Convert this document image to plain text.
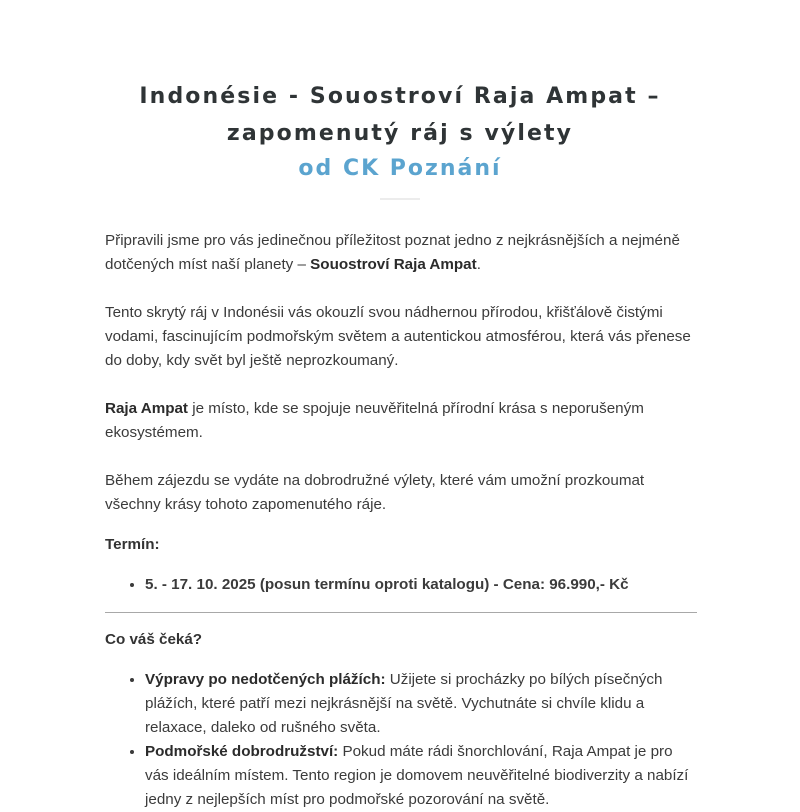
Indonésie - Souostroví Raja Ampat –
zapomenutý ráj s výlety
od CK Poznání

Připravili jsme pro vás jedinečnou příležitost poznat jedno z nejkrásnějších a nejméně dotčených míst naší planety – Souostroví Raja Ampat.

Tento skrytý ráj v Indonésii vás okouzlí svou nádhernou přírodou, křišťálově čistými vodami, fascinujícím podmořským světem a autentickou atmosférou, která vás přenese do doby, kdy svět byl ještě neprozkoumaný.

Raja Ampat je místo, kde se spojuje neuvěřitelná přírodní krása s neporušeným ekosystémem.

Během zájezdu se vydáte na dobrodružné výlety, které vám umožní prozkoumat všechny krásy tohoto zapomenutého ráje.

Termín:

• 5. - 17. 10. 2025 (posun termínu oproti katalogu) - Cena: 96.990,- Kč

Co váš čeká?

• Výpravy po nedotčených plážích: Užijete si procházky po bílých písečných plážích, které patří mezi nejkrásnější na světě. Vychutnáte si chvíle klidu a relaxace, daleko od rušného světa.
• Podmořské dobrodružství: Pokud máte rádi šnorchlování, Raja Ampat je pro vás ideálním místem. Tento region je domovem neuvěřitelné biodiverzity a nabízí jedny z nejlepších míst pro podmořské pozorování na světě.
